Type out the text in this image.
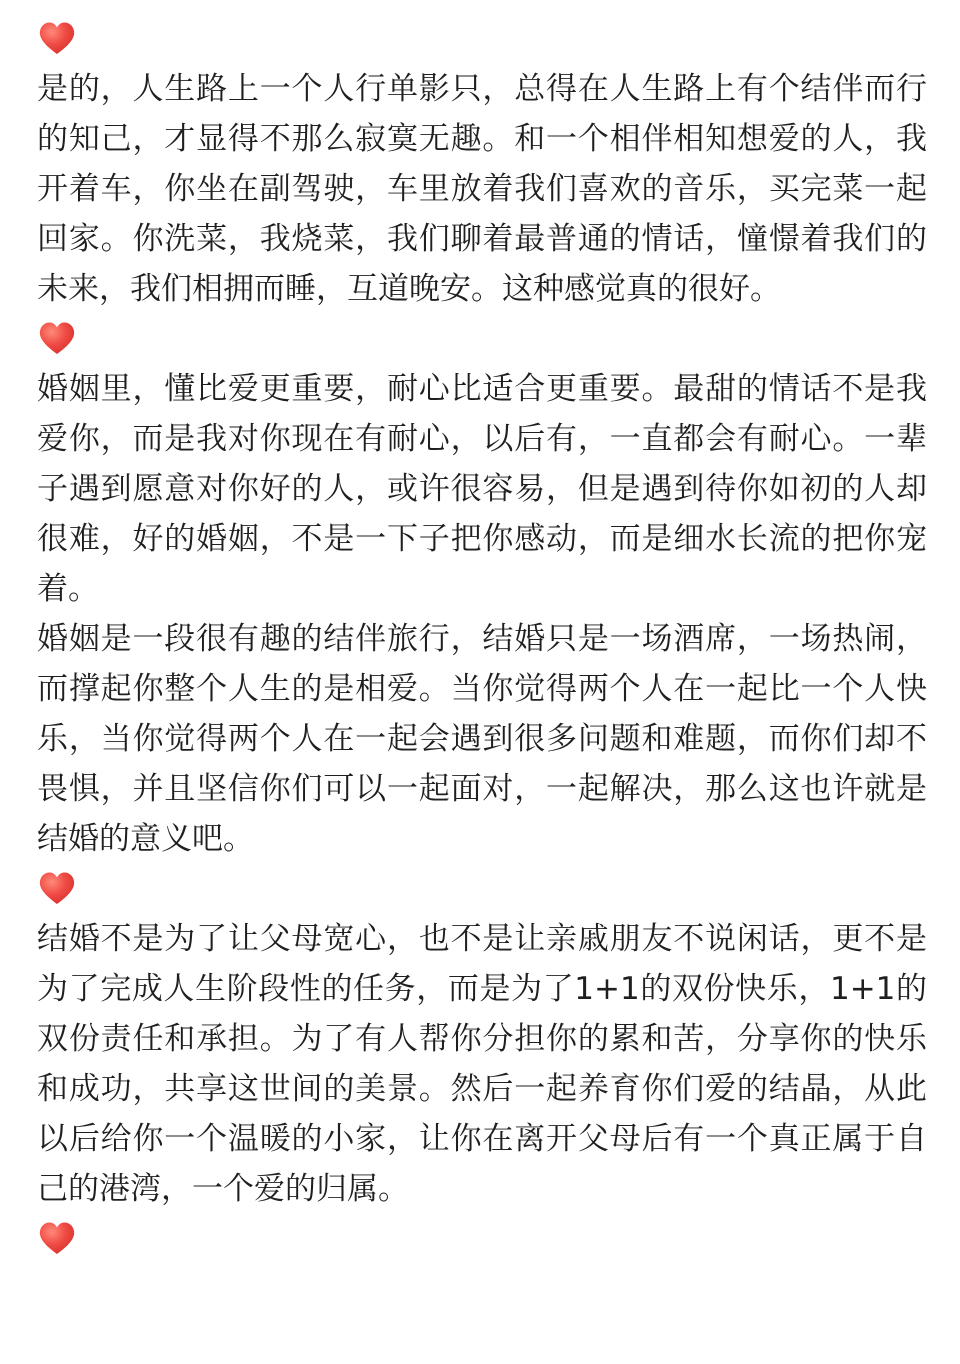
是的，人生路上一个人行单影只，总得在人生路上有个结伴而行的知己，才显得不那么寂寞无趣。和一个相伴相知想爱的人，我开着车，你坐在副驾驶，车里放着我们喜欢的音乐，买完菜一起回家。你洗菜，我烧菜，我们聊着最普通的情话，憧憬着我们的未来，我们相拥而睡，互道晚安。这种感觉真的很好。

婚姻里，懂比爱更重要，耐心比适合更重要。最甜的情话不是我爱你，而是我对你现在有耐心，以后有，一直都会有耐心。一辈子遇到愿意对你好的人，或许很容易，但是遇到待你如初的人却很难，好的婚姻，不是一下子把你感动，而是细水长流的把你宠着。

婚姻是一段很有趣的结伴旅行，结婚只是一场酒席，一场热闹，而撑起你整个人生的是相爱。当你觉得两个人在一起比一个人快乐，当你觉得两个人在一起会遇到很多问题和难题，而你们却不畏惧，并且坚信你们可以一起面对，一起解决，那么这也许就是结婚的意义吧。

结婚不是为了让父母宽心，也不是让亲戚朋友不说闲话，更不是为了完成人生阶段性的任务，而是为了1+1的双份快乐，1+1的双份责任和承担。为了有人帮你分担你的累和苦，分享你的快乐和成功，共享这世间的美景。然后一起养育你们爱的结晶，从此以后给你一个温暖的小家，让你在离开父母后有一个真正属于自己的港湾，一个爱的归属。
